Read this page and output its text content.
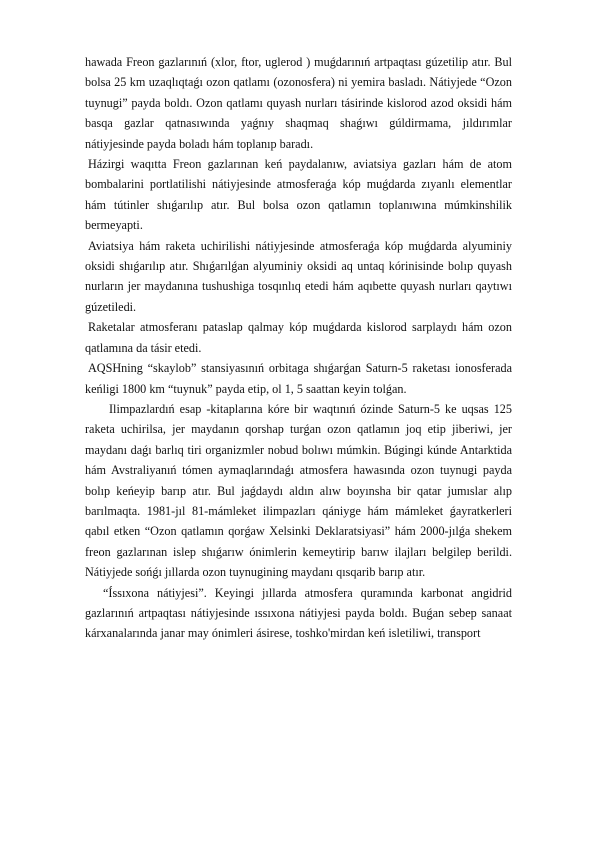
hawada Freon gazlarınıń (xlor, ftor, uglerod ) muǵdarınıń artpaqtası gúzetilip atır. Bul bolsa 25 km uzaqlıqtaǵı ozon qatlamı (ozonosfera) ni yemira basladı. Nátiyjede “Ozon tuynugi” payda boldı. Ozon qatlamı quyash nurları tásirinde kislorod azod oksidi hám basqa gazlar qatnasıwında yaǵnıy shaqmaq shaǵıwı gúldirmama, jıldırımlar nátiyjesinde payda boladı hám toplanıp baradı.

Házirgi waqıtta Freon gazlarınan keń paydalanıw, aviatsiya gazları hám de atom bombalarini portlatilishi nátiyjesinde atmosferaǵa kóp muǵdarda zıyanlı elementlar hám tútinler shıǵarılıp atır. Bul bolsa ozon qatlamın toplanıwına múmkinshilik bermeyapti.

Aviatsiya hám raketa uchirilishi nátiyjesinde atmosferaǵa kóp muǵdarda alyuminiy oksidi shıǵarılıp atır. Shıǵarılǵan alyuminiy oksidi aq untaq kórinisinde bolıp quyash nurların jer maydanına tushushiga tosqınlıq etedi hám aqıbette quyash nurları qaytıwı gúzetiledi.

Raketalar atmosferanı pataslap qalmay kóp muǵdarda kislorod sarplaydı hám ozon qatlamına da tásir etedi.

AQSHning “skaylob” stansiyasınıń orbitaga shıǵarǵan Saturn-5 raketası ionosferada keńligi 1800 km “tuynuk” payda etip, ol 1, 5 saattan keyin tolǵan.

Ilimpazlardıń esap -kitaplarına kóre bir waqtınıń ózinde Saturn-5 ke uqsas 125 raketa uchirilsa, jer maydanın qorshap turǵan ozon qatlamın joq etip jiberiwi, jer maydanı daǵı barlıq tiri organizmler nobud bolıwı múmkin. Búgingi kúnde Antarktida hám Avstraliyanıń tómen aymaqlarındaǵı atmosfera hawasında ozon tuynugi payda bolıp keńeyip barıp atır. Bul jaǵdaydı aldın alıw boyınsha bir qatar jumıslar alıp barılmaqta. 1981-jıl 81-mámleket ilimpazları qániyge hám mámleket ǵayratkerleri qabıl etken “Ozon qatlamın qorǵaw Xelsinki Deklaratsiyasi” hám 2000-jılǵa shekem freon gazlarınan islep shıǵarıw ónimlerin kemeytirip barıw ilajları belgilep berildi. Nátiyjede sońǵı jıllarda ozon tuynugining maydanı qısqarib barıp atır.

“Íssıxona nátiyjesi”. Keyingi jıllarda atmosfera quramında karbonat angidrid gazlarınıń artpaqtası nátiyjesinde ıssıxona nátiyjesi payda boldı. Buǵan sebep sanaat kárxanalarında janar may ónimleri ásirese, toshko'mirdan keń isletiliwi, transport
